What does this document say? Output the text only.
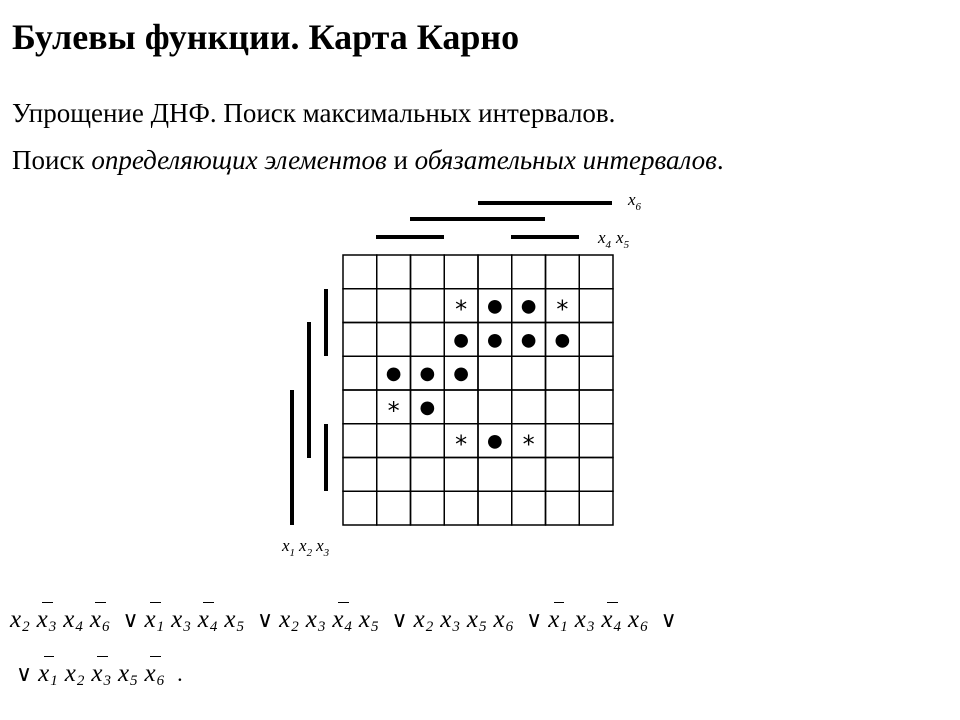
Булевы функции. Карта Карно
Упрощение ДНФ. Поиск максимальных интервалов.
Поиск определяющих элементов и обязательных интервалов.
* ● ● *
● ● ● ●
● ● ●
* ●
* ● *
$x_6$
$x_4$ $x_5$
$x_1$ $x_2$ $x_3$
$x_2$ $x_3$ $x_4$ $x_6$ ∨ $x_1$ $x_3$ $x_4$ $x_5$ ∨ $x_2$ $x_3$ $x_4$ $x_5$ ∨ $x_2$ $x_3$ $x_5$ $x_6$ ∨ $x_1$ $x_3$ $x_4$ $x_6$ ∨
∨ $x_1$ $x_2$ $x_3$ $x_5$ $x_6$ .
